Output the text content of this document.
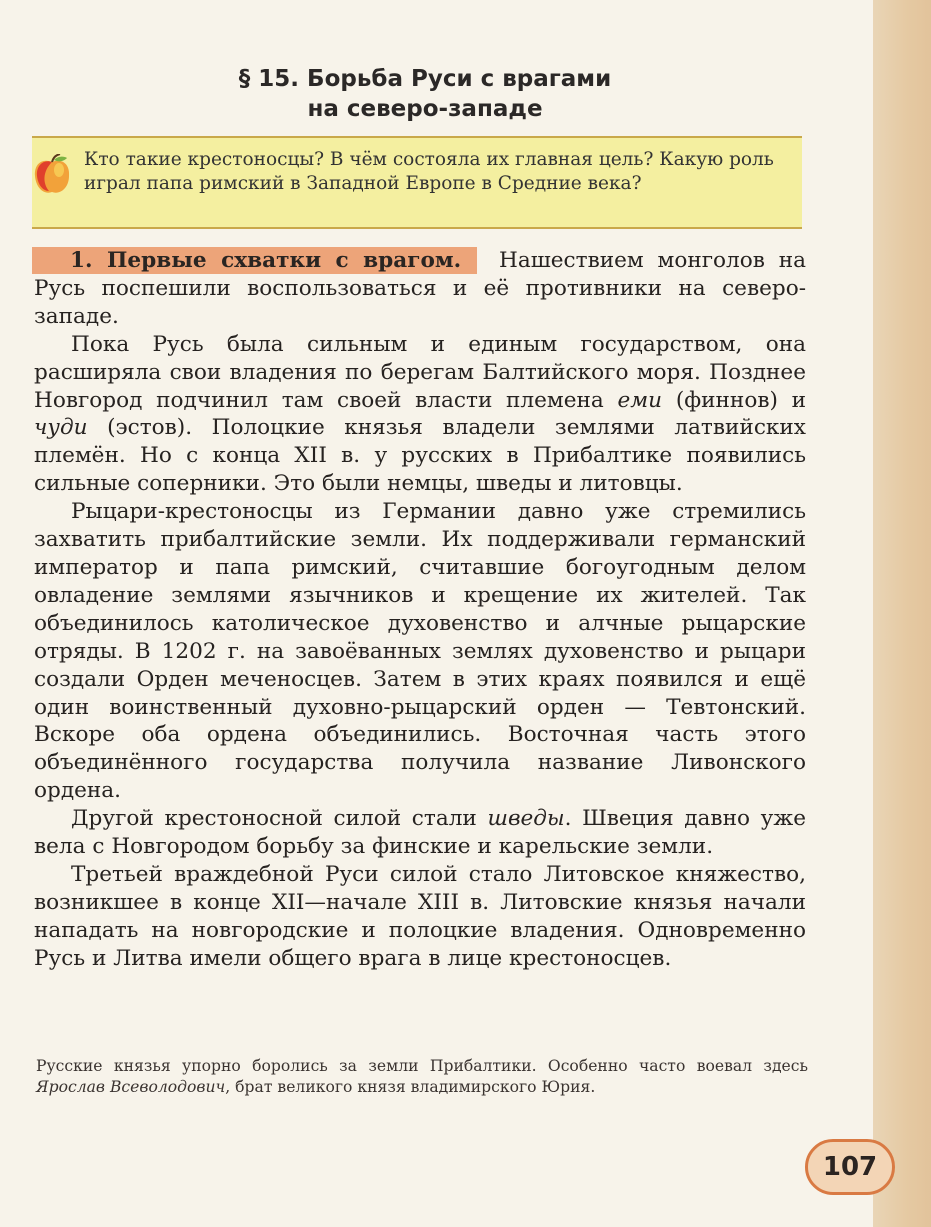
§ 15. Борьба Руси с врагами
на северо-западе
Кто такие крестоносцы? В чём состояла их главная цель? Какую роль играл папа римский в Западной Европе в Средние века?

1. Первые схватки с врагом. Нашествием монголов на Русь поспешили воспользоваться и её противники на северо-западе.

Пока Русь была сильным и единым государством, она расширяла свои владения по берегам Балтийского моря. Позднее Новгород подчинил там своей власти племена еми (финнов) и чуди (эстов). Полоцкие князья владели землями латвийских племён. Но с конца XII в. у русских в Прибалтике появились сильные соперники. Это были немцы, шведы и литовцы.

Рыцари-крестоносцы из Германии давно уже стремились захватить прибалтийские земли. Их поддерживали германский император и папа римский, считавшие богоугодным делом овладение землями язычников и крещение их жителей. Так объединилось католическое духовенство и алчные рыцарские отряды. В 1202 г. на завоёванных землях духовенство и рыцари создали Орден меченосцев. Затем в этих краях появился и ещё один воинственный духовно-рыцарский орден — Тевтонский. Вскоре оба ордена объединились. Восточная часть этого объединённого государства получила название Ливонского ордена.

Другой крестоносной силой стали шведы. Швеция давно уже вела с Новгородом борьбу за финские и карельские земли.

Третьей враждебной Руси силой стало Литовское княжество, возникшее в конце XII—начале XIII в. Литовские князья начали нападать на новгородские и полоцкие владения. Одновременно Русь и Литва имели общего врага в лице крестоносцев.

Русские князья упорно боролись за земли Прибалтики. Особенно часто воевал здесь Ярослав Всеволодович, брат великого князя владимирского Юрия.
107
